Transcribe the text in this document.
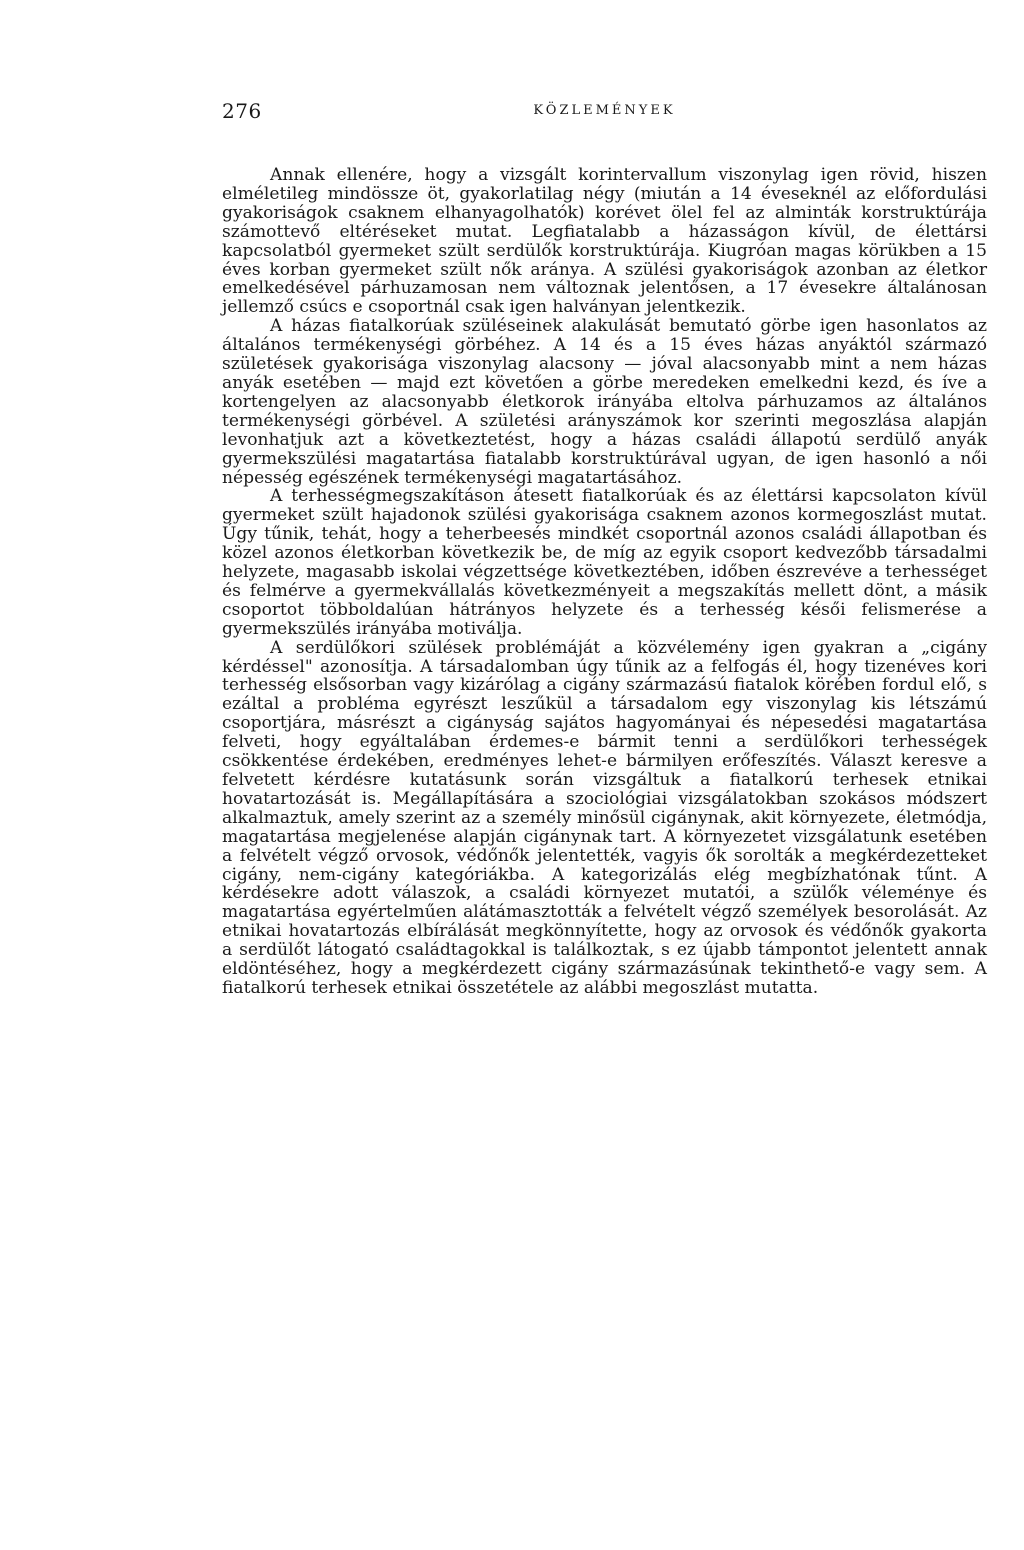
276	KÖZLEMÉNYEK

Annak ellenére, hogy a vizsgált korintervallum viszonylag igen rövid, hiszen elméletileg mindössze öt, gyakorlatilag négy (miután a 14 éveseknél az előfordulási gyakoriságok csaknem elhanyagolhatók) korévet ölel fel az alminták korstruktúrája számottevő eltéréseket mutat. Legfiatalabb a házasságon kívül, de élettársi kapcsolatból gyermeket szült serdülők korstruktúrája. Kiugróan magas körükben a 15 éves korban gyermeket szült nők aránya. A szülési gyakoriságok azonban az életkor emelkedésével párhuzamosan nem változnak jelentősen, a 17 évesekre általánosan jellemző csúcs e csoportnál csak igen halványan jelentkezik.

A házas fiatalkorúak szüléseinek alakulását bemutató görbe igen hasonlatos az általános termékenységi görbéhez. A 14 és a 15 éves házas anyáktól származó születések gyakorisága viszonylag alacsony — jóval alacsonyabb mint a nem házas anyák esetében — majd ezt követően a görbe meredeken emelkedni kezd, és íve a kortengelyen az alacsonyabb életkorok irányába eltolva párhuzamos az általános termékenységi görbével. A születési arányszámok kor szerinti megoszlása alapján levonhatjuk azt a következtetést, hogy a házas családi állapotú serdülő anyák gyermekszülési magatartása fiatalabb korstruktúrával ugyan, de igen hasonló a női népesség egészének termékenységi magatartásához.

A terhességmegszakításon átesett fiatalkorúak és az élettársi kapcsolaton kívül gyermeket szült hajadonok szülési gyakorisága csaknem azonos kormegoszlást mutat. Úgy tűnik, tehát, hogy a teherbeesés mindkét csoportnál azonos családi állapotban és közel azonos életkorban következik be, de míg az egyik csoport kedvezőbb társadalmi helyzete, magasabb iskolai végzettsége következtében, időben észrevéve a terhességet és felmérve a gyermekvállalás következményeit a megszakítás mellett dönt, a másik csoportot többoldalúan hátrányos helyzete és a terhesség késői felismerése a gyermekszülés irányába motiválja.

A serdülőkori szülések problémáját a közvélemény igen gyakran a „cigány kérdéssel" azonosítja. A társadalomban úgy tűnik az a felfogás él, hogy tizenéves kori terhesség elsősorban vagy kizárólag a cigány származású fiatalok körében fordul elő, s ezáltal a probléma egyrészt leszűkül a társadalom egy viszonylag kis létszámú csoportjára, másrészt a cigányság sajátos hagyományai és népesedési magatartása felveti, hogy egyáltalában érdemes-e bármit tenni a serdülőkori terhességek csökkentése érdekében, eredményes lehet-e bármilyen erőfeszítés. Választ keresve a felvetett kérdésre kutatásunk során vizsgáltuk a fiatalkorú terhesek etnikai hovatartozását is. Megállapítására a szociológiai vizsgálatokban szokásos módszert alkalmaztuk, amely szerint az a személy minősül cigánynak, akit környezete, életmódja, magatartása megjelenése alapján cigánynak tart. A környezetet vizsgálatunk esetében a felvételt végző orvosok, védőnők jelentették, vagyis ők sorolták a megkérdezetteket cigány, nem-cigány kategóriákba. A kategorizálás elég megbízhatónak tűnt. A kérdésekre adott válaszok, a családi környezet mutatói, a szülők véleménye és magatartása egyértelműen alátámasztották a felvételt végző személyek besorolását. Az etnikai hovatartozás elbírálását megkönnyítette, hogy az orvosok és védőnők gyakorta a serdülőt látogató családtagokkal is találkoztak, s ez újabb támpontot jelentett annak eldöntéséhez, hogy a megkérdezett cigány származásúnak tekinthető-e vagy sem. A fiatalkorú terhesek etnikai összetétele az alábbi megoszlást mutatta.
